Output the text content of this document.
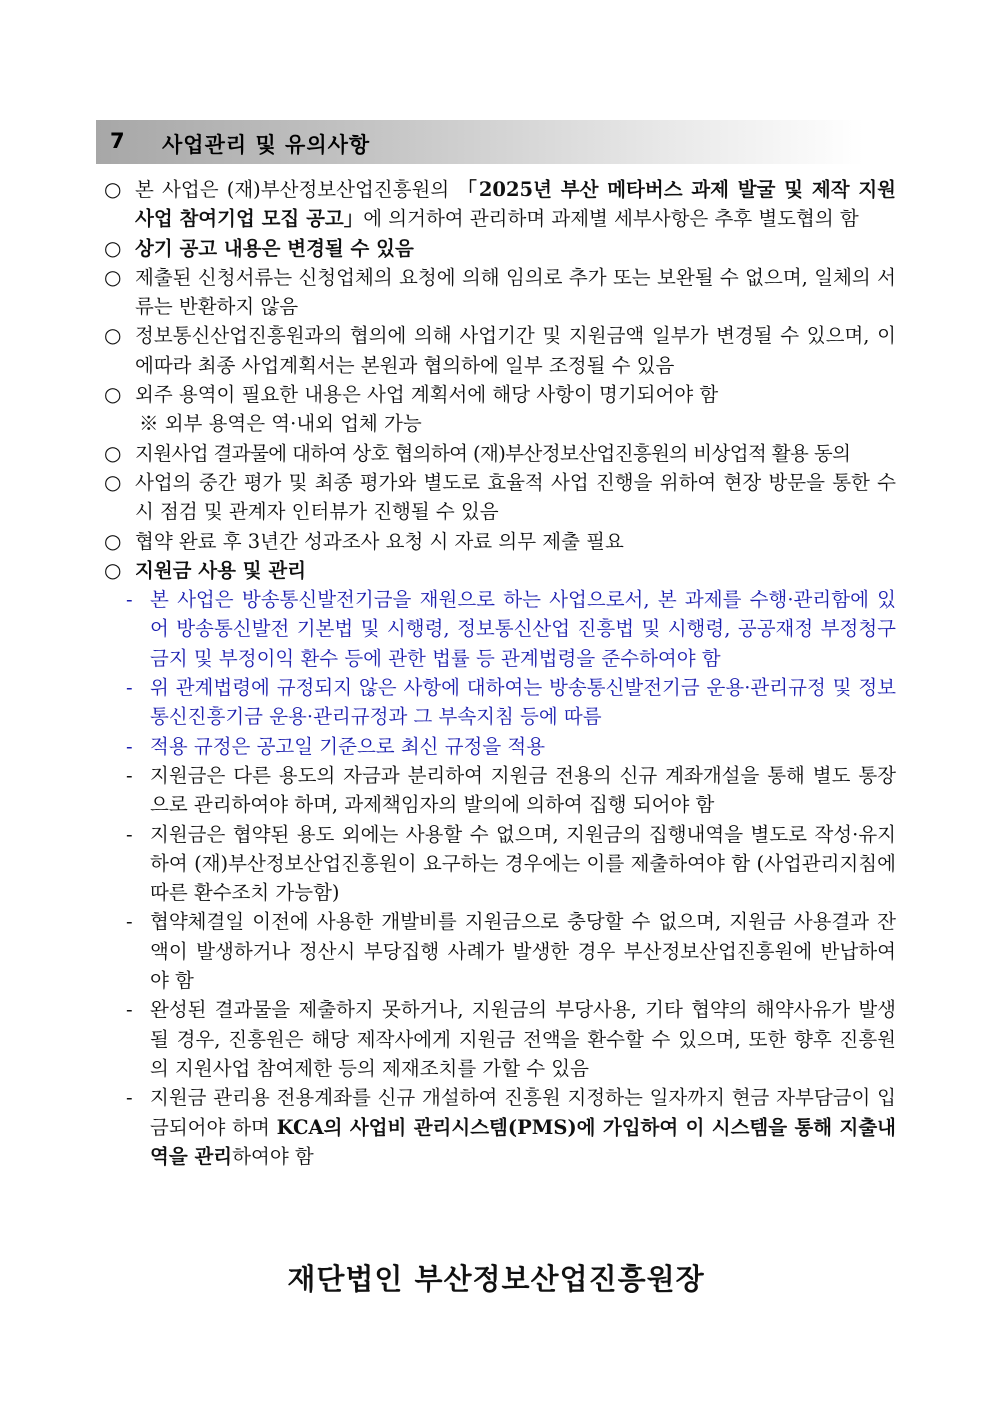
7 사업관리 및 유의사항
○ 본 사업은 (재)부산정보산업진흥원의 「2025년 부산 메타버스 과제 발굴 및 제작 지원 사업 참여기업 모집 공고」에 의거하여 관리하며 과제별 세부사항은 추후 별도협의 함
○ 상기 공고 내용은 변경될 수 있음
○ 제출된 신청서류는 신청업체의 요청에 의해 임의로 추가 또는 보완될 수 없으며, 일체의 서류는 반환하지 않음
○ 정보통신산업진흥원과의 협의에 의해 사업기간 및 지원금액 일부가 변경될 수 있으며, 이에따라 최종 사업계획서는 본원과 협의하에 일부 조정될 수 있음
○ 외주 용역이 필요한 내용은 사업 계획서에 해당 사항이 명기되어야 함
※ 외부 용역은 역·내외 업체 가능
○ 지원사업 결과물에 대하여 상호 협의하여 (재)부산정보산업진흥원의 비상업적 활용 동의
○ 사업의 중간 평가 및 최종 평가와 별도로 효율적 사업 진행을 위하여 현장 방문을 통한 수시 점검 및 관계자 인터뷰가 진행될 수 있음
○ 협약 완료 후 3년간 성과조사 요청 시 자료 의무 제출 필요
○ 지원금 사용 및 관리
- 본 사업은 방송통신발전기금을 재원으로 하는 사업으로서, 본 과제를 수행·관리함에 있어 방송통신발전 기본법 및 시행령, 정보통신산업 진흥법 및 시행령, 공공재정 부정청구 금지 및 부정이익 환수 등에 관한 법률 등 관계법령을 준수하여야 함
- 위 관계법령에 규정되지 않은 사항에 대하여는 방송통신발전기금 운용·관리규정 및 정보통신진흥기금 운용·관리규정과 그 부속지침 등에 따름
- 적용 규정은 공고일 기준으로 최신 규정을 적용
- 지원금은 다른 용도의 자금과 분리하여 지원금 전용의 신규 계좌개설을 통해 별도 통장으로 관리하여야 하며, 과제책임자의 발의에 의하여 집행 되어야 함
- 지원금은 협약된 용도 외에는 사용할 수 없으며, 지원금의 집행내역을 별도로 작성·유지하여 (재)부산정보산업진흥원이 요구하는 경우에는 이를 제출하여야 함 (사업관리지침에 따른 환수조치 가능함)
- 협약체결일 이전에 사용한 개발비를 지원금으로 충당할 수 없으며, 지원금 사용결과 잔액이 발생하거나 정산시 부당집행 사례가 발생한 경우 부산정보산업진흥원에 반납하여야 함
- 완성된 결과물을 제출하지 못하거나, 지원금의 부당사용, 기타 협약의 해약사유가 발생될 경우, 진흥원은 해당 제작사에게 지원금 전액을 환수할 수 있으며, 또한 향후 진흥원의 지원사업 참여제한 등의 제재조치를 가할 수 있음
- 지원금 관리용 전용계좌를 신규 개설하여 진흥원 지정하는 일자까지 현금 자부담금이 입금되어야 하며 KCA의 사업비 관리시스템(PMS)에 가입하여 이 시스템을 통해 지출내역을 관리하여야 함
재단법인 부산정보산업진흥원장
